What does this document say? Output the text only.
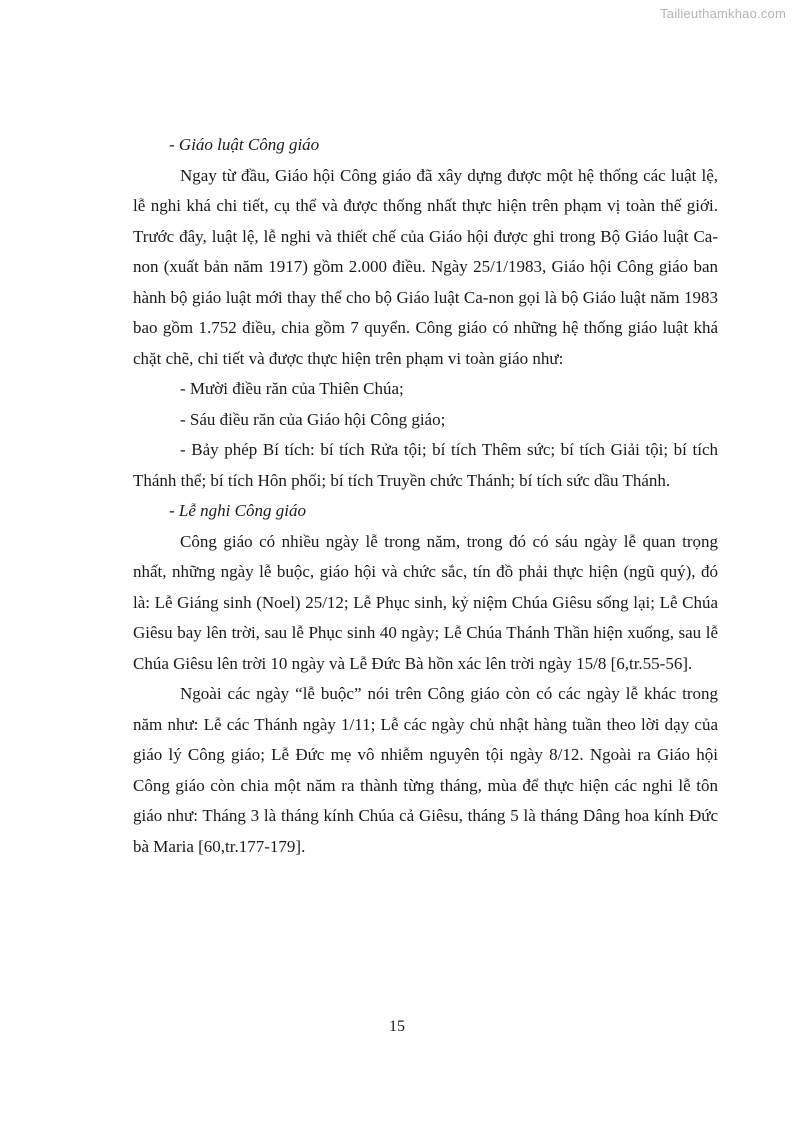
Tailieuthamkhao.com

- Giáo luật Công giáo

Ngay từ đầu, Giáo hội Công giáo đã xây dựng được một hệ thống các luật lệ, lễ nghi khá chi tiết, cụ thể và được thống nhất thực hiện trên phạm vị toàn thế giới. Trước đây, luật lệ, lễ nghi và thiết chế của Giáo hội được ghi trong Bộ Giáo luật Ca-non (xuất bản năm 1917) gồm 2.000 điều. Ngày 25/1/1983, Giáo hội Công giáo ban hành bộ giáo luật mới thay thế cho bộ Giáo luật Ca-non gọi là bộ Giáo luật năm 1983 bao gồm 1.752 điều, chia gồm 7 quyển. Công giáo có những hệ thống giáo luật khá chặt chẽ, chi tiết và được thực hiện trên phạm vi toàn giáo như:

- Mười điều răn của Thiên Chúa;

- Sáu điều răn của Giáo hội Công giáo;

- Bảy phép Bí tích: bí tích Rửa tội; bí tích Thêm sức; bí tích Giải tội; bí tích Thánh thể; bí tích Hôn phối; bí tích Truyền chức Thánh; bí tích sức dầu Thánh.

- Lễ nghi Công giáo

Công giáo có nhiều ngày lễ trong năm, trong đó có sáu ngày lễ quan trọng nhất, những ngày lễ buộc, giáo hội và chức sắc, tín đồ phải thực hiện (ngũ quý), đó là: Lễ Giáng sinh (Noel) 25/12; Lễ Phục sinh, kỷ niệm Chúa Giêsu sống lại; Lễ Chúa Giêsu bay lên trời, sau lễ Phục sinh 40 ngày; Lễ Chúa Thánh Thần hiện xuống, sau lễ Chúa Giêsu lên trời 10 ngày và Lễ Đức Bà hồn xác lên trời ngày 15/8 [6,tr.55-56].

Ngoài các ngày “lễ buộc” nói trên Công giáo còn có các ngày lễ khác trong năm như: Lễ các Thánh ngày 1/11; Lễ các ngày chủ nhật hàng tuần theo lời dạy của giáo lý Công giáo; Lễ Đức mẹ vô nhiễm nguyên tội ngày 8/12. Ngoài ra Giáo hội Công giáo còn chia một năm ra thành từng tháng, mùa để thực hiện các nghi lễ tôn giáo như: Tháng 3 là tháng kính Chúa cả Giêsu, tháng 5 là tháng Dâng hoa kính Đức bà Maria [60,tr.177-179].

15
